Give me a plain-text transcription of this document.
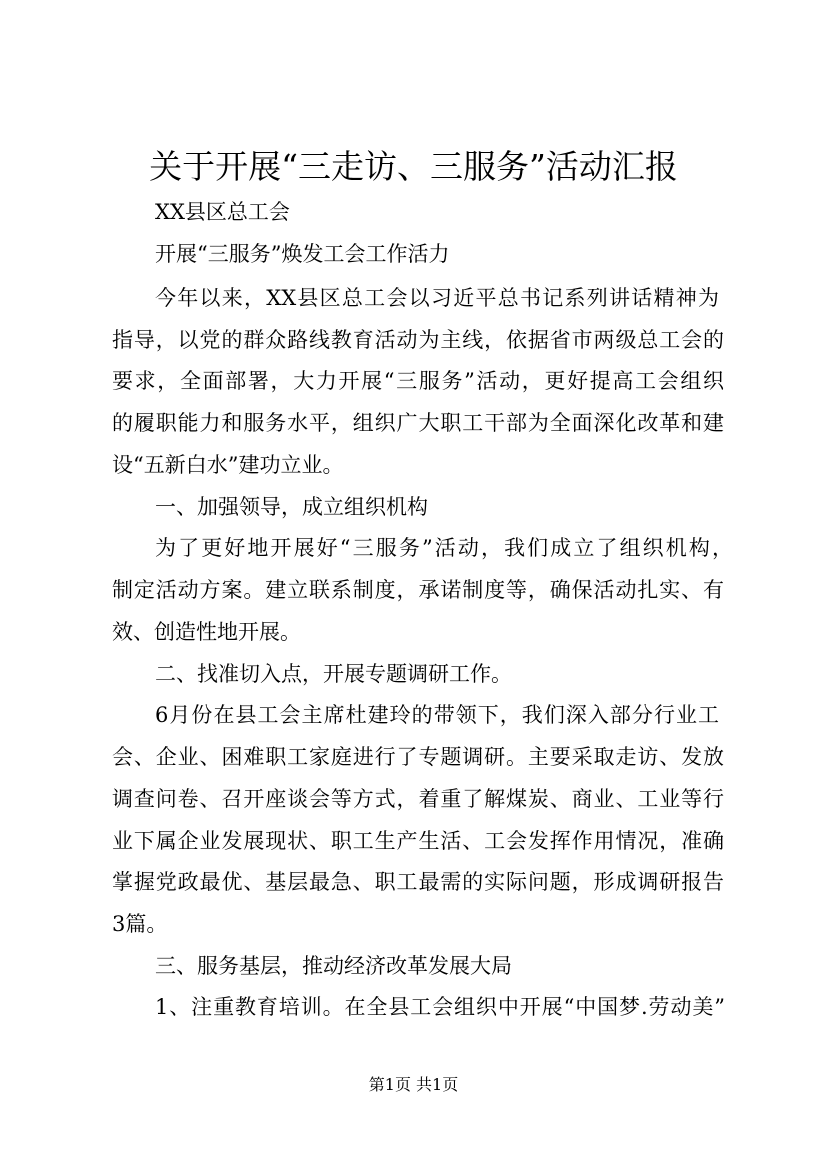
关于开展“三走访、三服务”活动汇报
XX县区总工会
开展“三服务”焕发工会工作活力
今年以来，XX县区总工会以习近平总书记系列讲话精神为
指导，以党的群众路线教育活动为主线，依据省市两级总工会的
要求，全面部署，大力开展“三服务”活动，更好提高工会组织
的履职能力和服务水平，组织广大职工干部为全面深化改革和建
设“五新白水”建功立业。
一、加强领导，成立组织机构
为了更好地开展好“三服务”活动，我们成立了组织机构，
制定活动方案。建立联系制度，承诺制度等，确保活动扎实、有
效、创造性地开展。
二、找准切入点，开展专题调研工作。
6月份在县工会主席杜建玲的带领下，我们深入部分行业工
会、企业、困难职工家庭进行了专题调研。主要采取走访、发放
调查问卷、召开座谈会等方式，着重了解煤炭、商业、工业等行
业下属企业发展现状、职工生产生活、工会发挥作用情况，准确
掌握党政最优、基层最急、职工最需的实际问题，形成调研报告
3篇。
三、服务基层，推动经济改革发展大局
1、注重教育培训。在全县工会组织中开展“中国梦.劳动美”
第1页 共1页
